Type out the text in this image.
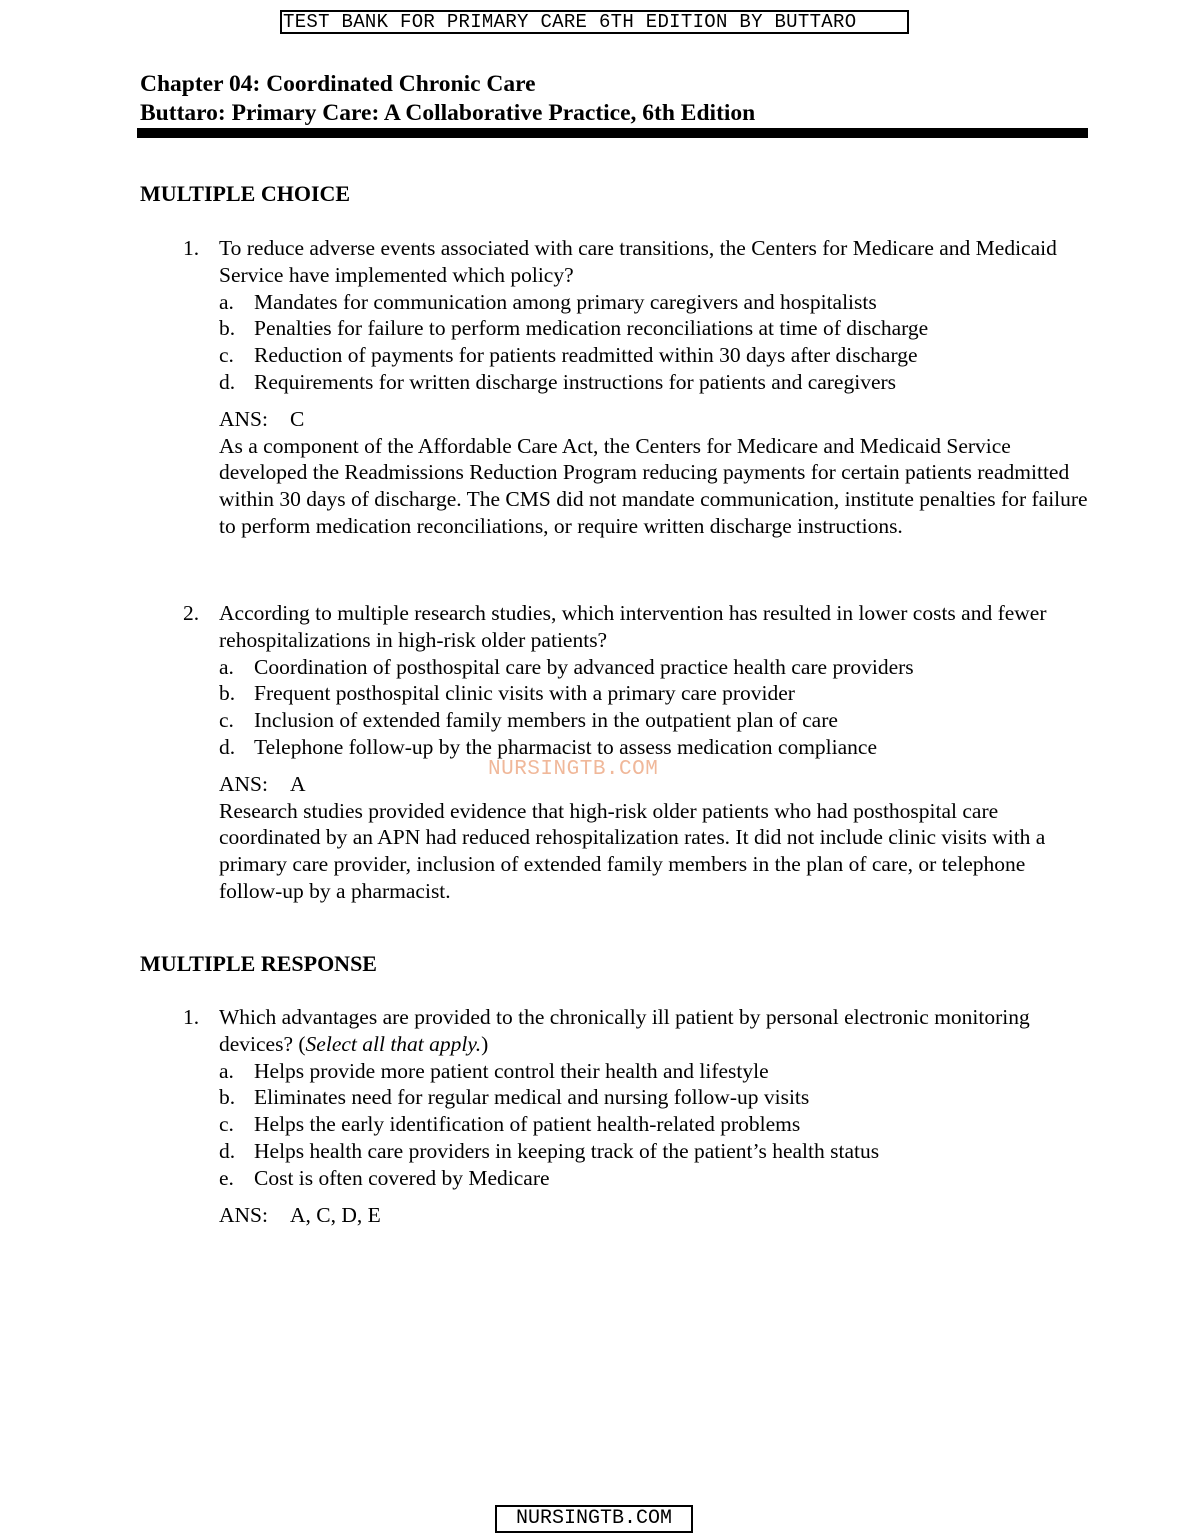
TEST BANK FOR PRIMARY CARE 6TH EDITION BY BUTTARO
Chapter 04: Coordinated Chronic Care
Buttaro: Primary Care: A Collaborative Practice, 6th Edition
MULTIPLE CHOICE
1. To reduce adverse events associated with care transitions, the Centers for Medicare and Medicaid Service have implemented which policy?
a. Mandates for communication among primary caregivers and hospitalists
b. Penalties for failure to perform medication reconciliations at time of discharge
c. Reduction of payments for patients readmitted within 30 days after discharge
d. Requirements for written discharge instructions for patients and caregivers
ANS: C
As a component of the Affordable Care Act, the Centers for Medicare and Medicaid Service developed the Readmissions Reduction Program reducing payments for certain patients readmitted within 30 days of discharge. The CMS did not mandate communication, institute penalties for failure to perform medication reconciliations, or require written discharge instructions.
2. According to multiple research studies, which intervention has resulted in lower costs and fewer rehospitalizations in high-risk older patients?
a. Coordination of posthospital care by advanced practice health care providers
b. Frequent posthospital clinic visits with a primary care provider
c. Inclusion of extended family members in the outpatient plan of care
d. Telephone follow-up by the pharmacist to assess medication compliance
ANS: A
Research studies provided evidence that high-risk older patients who had posthospital care coordinated by an APN had reduced rehospitalization rates. It did not include clinic visits with a primary care provider, inclusion of extended family members in the plan of care, or telephone follow-up by a pharmacist.
NURSINGTB.COM
MULTIPLE RESPONSE
1. Which advantages are provided to the chronically ill patient by personal electronic monitoring devices? (Select all that apply.)
a. Helps provide more patient control their health and lifestyle
b. Eliminates need for regular medical and nursing follow-up visits
c. Helps the early identification of patient health-related problems
d. Helps health care providers in keeping track of the patient’s health status
e. Cost is often covered by Medicare
ANS: A, C, D, E
NURSINGTB.COM
